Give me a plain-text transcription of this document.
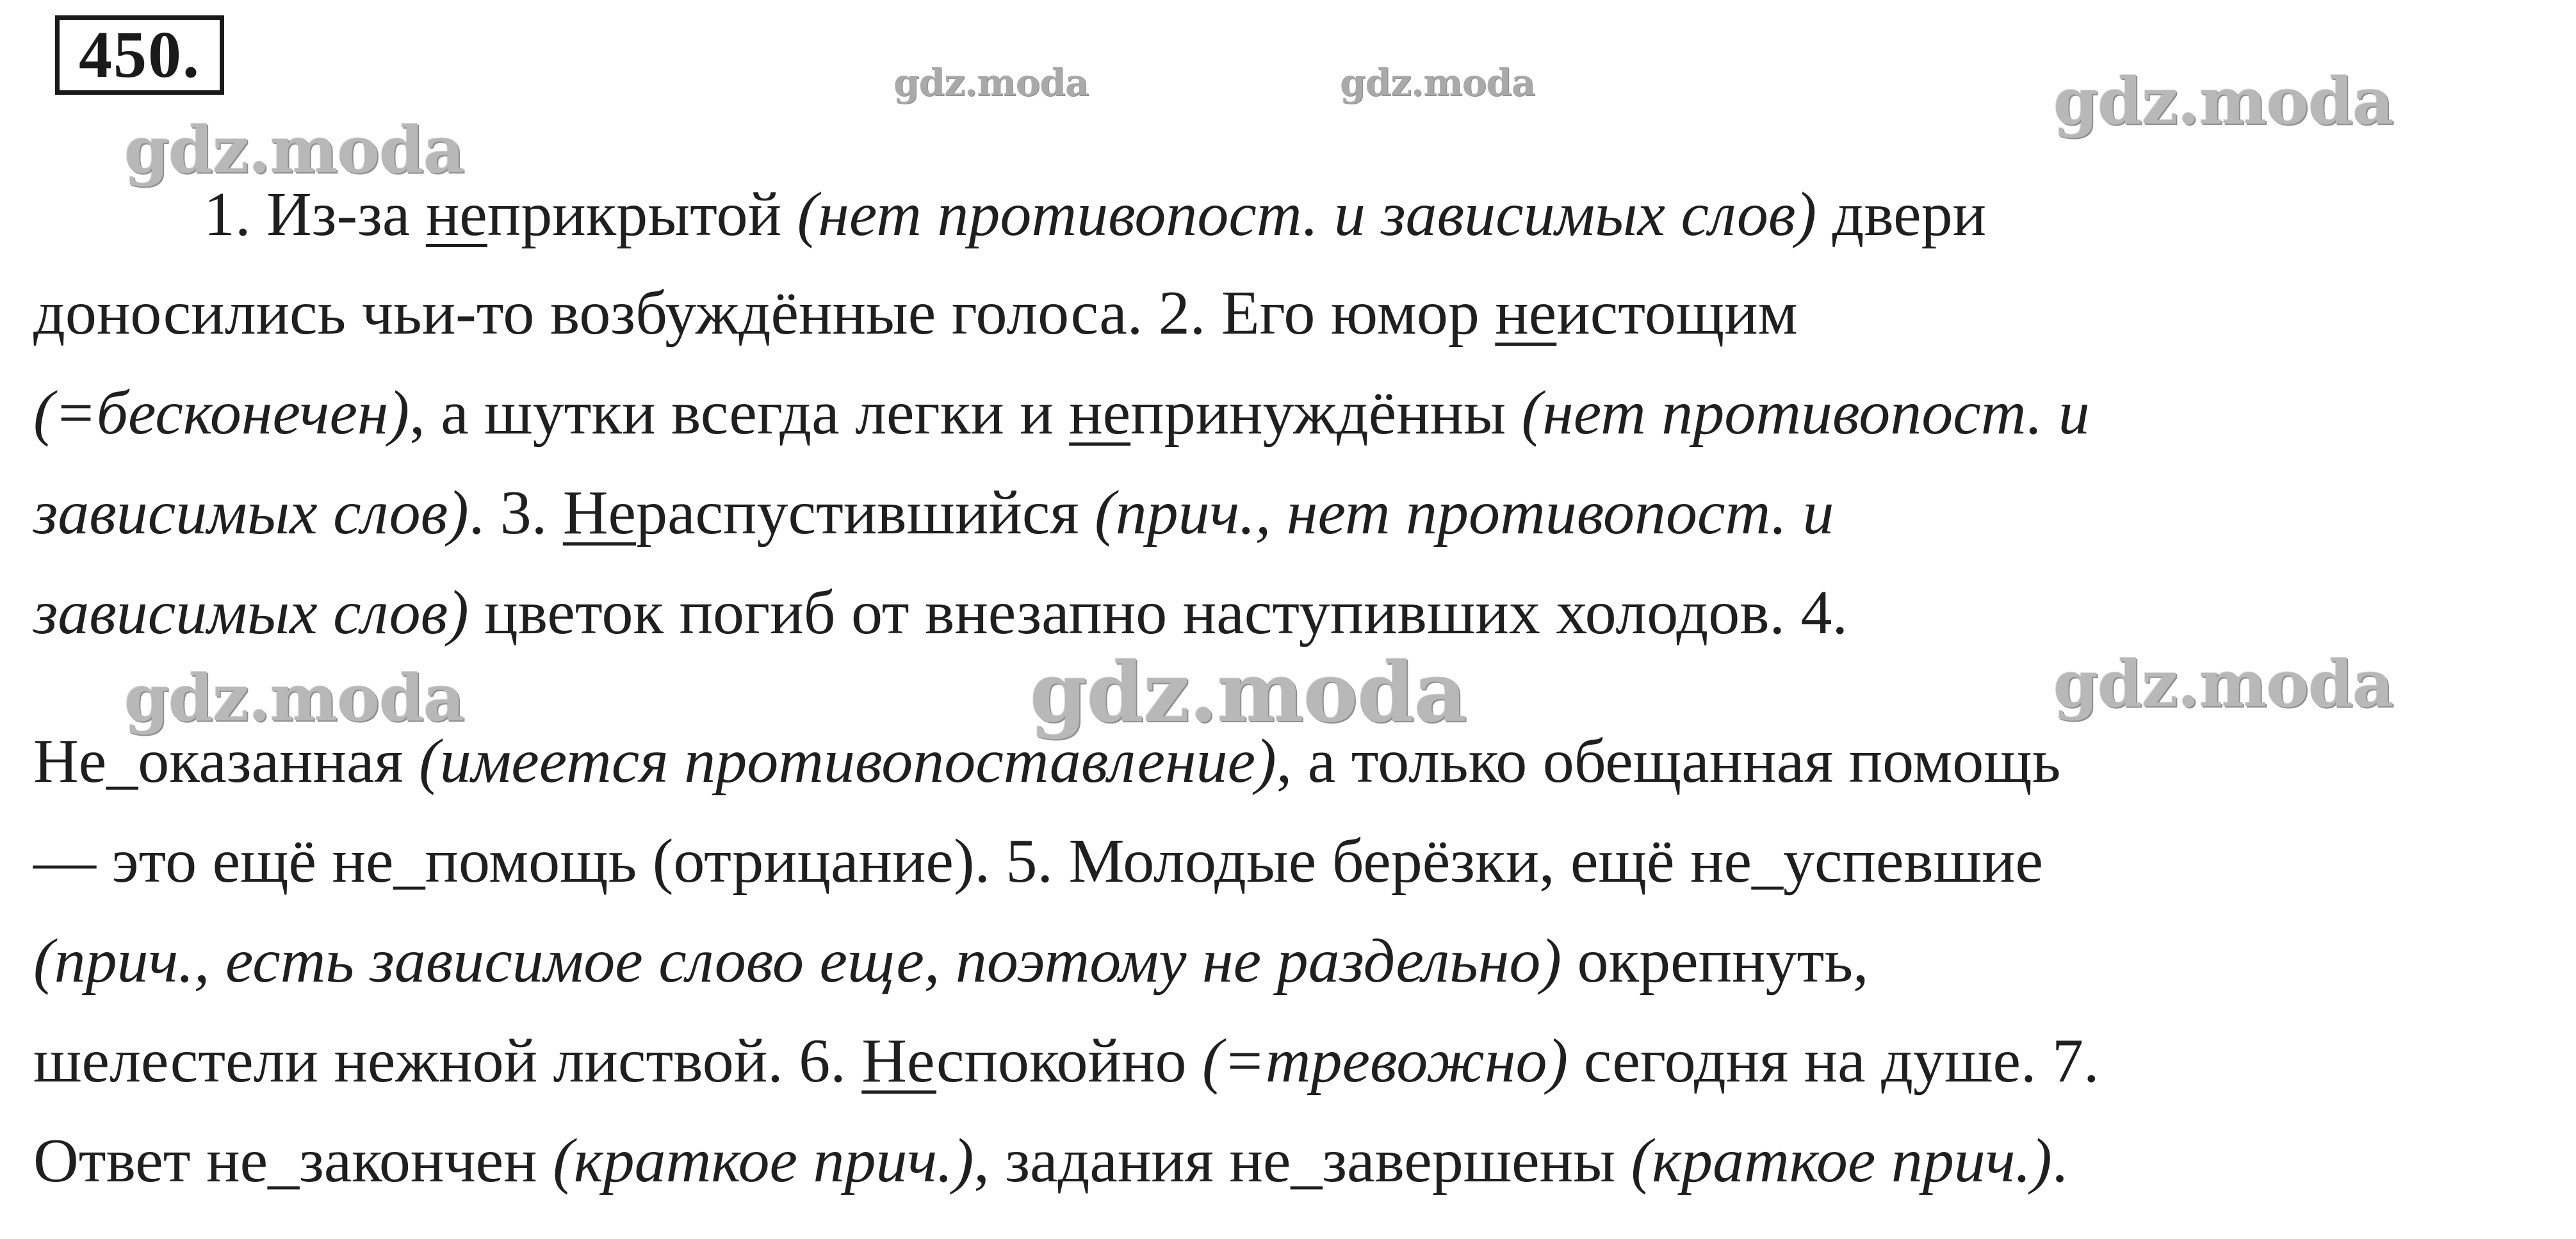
450.	gdz.moda	gdz.moda	gdz.moda
gdz.moda
gdz.moda	gdz.moda	gdz.moda
1. Из-за неприкрытой (нет противопост. и зависимых слов) двери
доносились чьи-то возбуждённые голоса. 2. Его юмор неистощим
(=бесконечен), а шутки всегда легки и непринуждённы (нет противопост. и
зависимых слов). 3. Нераспустившийся (прич., нет противопост. и
зависимых слов) цветок погиб от внезапно наступивших холодов. 4.
Не_оказанная (имеется противопоставление), а только обещанная помощь
— это ещё не_помощь (отрицание). 5. Молодые берёзки, ещё не_успевшие
(прич., есть зависимое слово еще, поэтому не раздельно) окрепнуть,
шелестели нежной листвой. 6. Неспокойно (=тревожно) сегодня на душе. 7.
Ответ не_закончен (краткое прич.), задания не_завершены (краткое прич.).
